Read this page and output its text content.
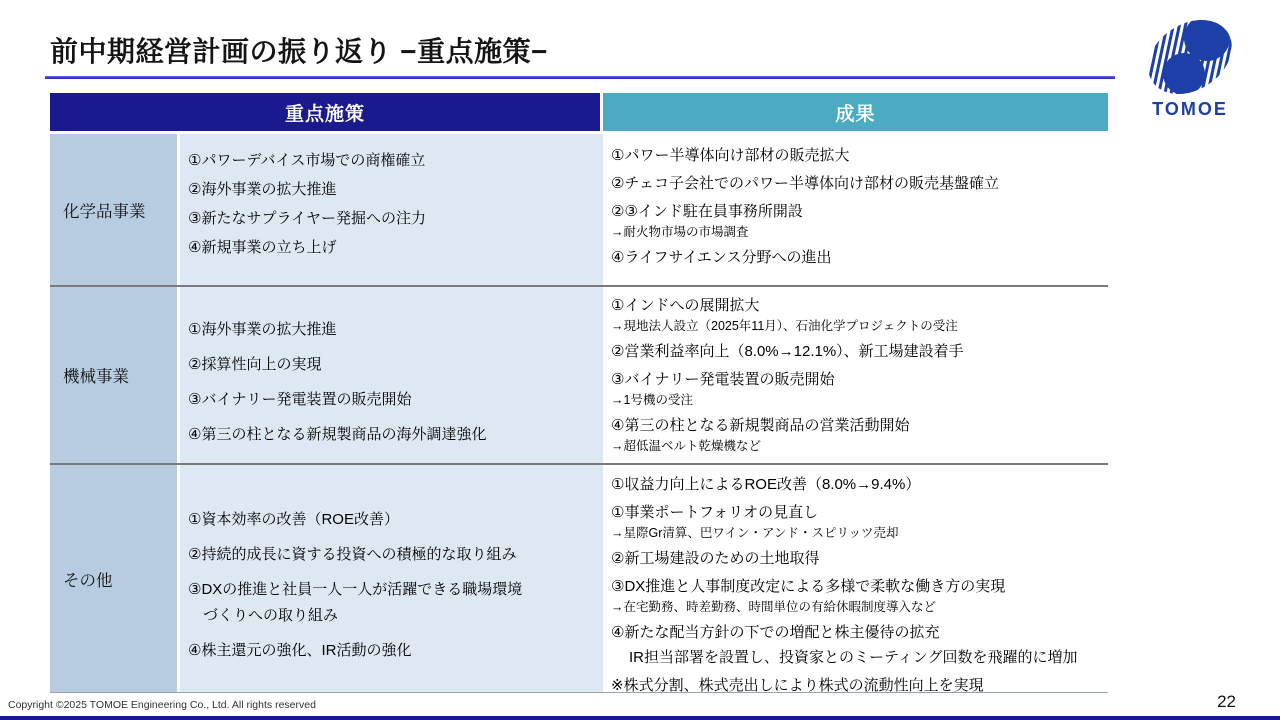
前中期経営計画の振り返り −重点施策−
重点施策	成果
化学品事業
①パワーデバイス市場での商権確立
②海外事業の拡大推進
③新たなサプライヤー発掘への注力
④新規事業の立ち上げ
①パワー半導体向け部材の販売拡大
②チェコ子会社でのパワー半導体向け部材の販売基盤確立
②③インド駐在員事務所開設
→耐火物市場の市場調査
④ライフサイエンス分野への進出
機械事業
①海外事業の拡大推進
②採算性向上の実現
③バイナリー発電装置の販売開始
④第三の柱となる新規製商品の海外調達強化
①インドへの展開拡大
→現地法人設立（2025年11月）、石油化学プロジェクトの受注
②営業利益率向上（8.0%→12.1%）、新工場建設着手
③バイナリー発電装置の販売開始
→1号機の受注
④第三の柱となる新規製商品の営業活動開始
→超低温ベルト乾燥機など
その他
①資本効率の改善（ROE改善）
②持続的成長に資する投資への積極的な取り組み
③DXの推進と社員一人一人が活躍できる職場環境
づくりへの取り組み
④株主還元の強化、IR活動の強化
①収益力向上によるROE改善（8.0%→9.4%）
①事業ポートフォリオの見直し
→星際Gr清算、巴ワイン・アンド・スピリッツ売却
②新工場建設のための土地取得
③DX推進と人事制度改定による多様で柔軟な働き方の実現
→在宅勤務、時差勤務、時間単位の有給休暇制度導入など
④新たな配当方針の下での増配と株主優待の拡充
IR担当部署を設置し、投資家とのミーティング回数を飛躍的に増加
※株式分割、株式売出しにより株式の流動性向上を実現
TOMOE
Copyright ©2025 TOMOE Engineering Co., Ltd. All rights reserved	22
